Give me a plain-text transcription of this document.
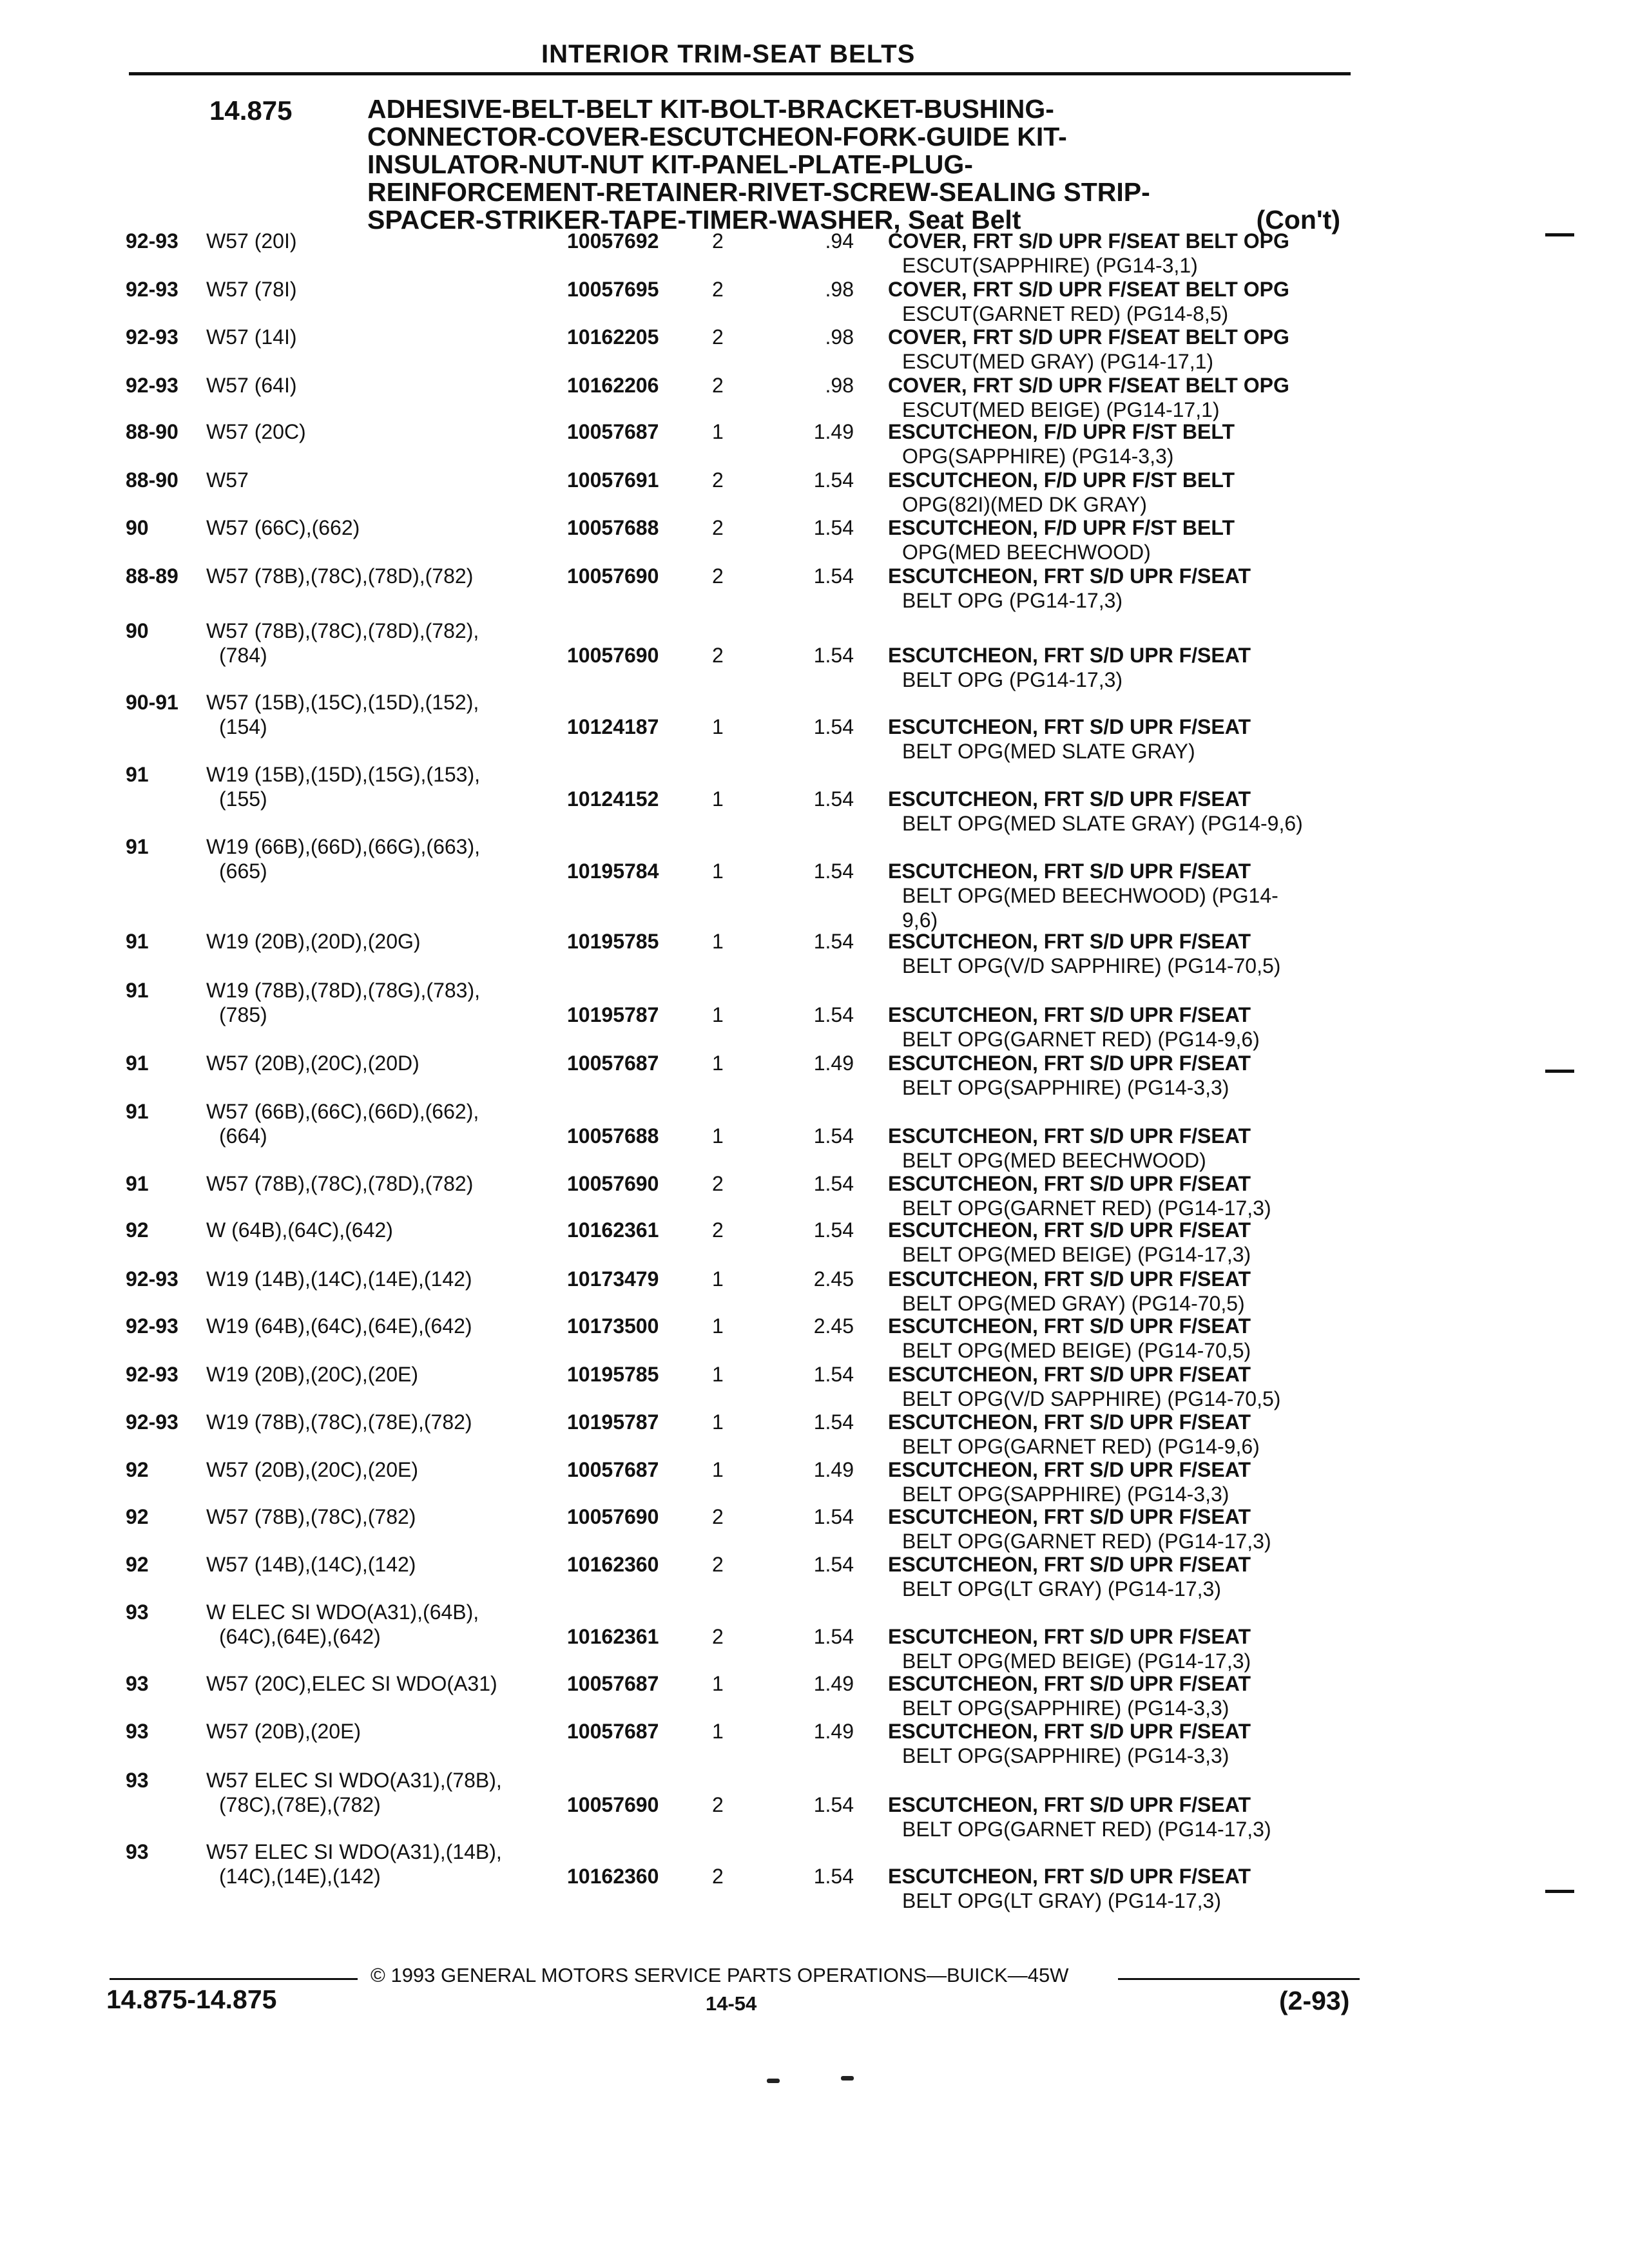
INTERIOR TRIM-SEAT BELTS
14.875	ADHESIVE-BELT-BELT KIT-BOLT-BRACKET-BUSHING-
CONNECTOR-COVER-ESCUTCHEON-FORK-GUIDE KIT-
INSULATOR-NUT-NUT KIT-PANEL-PLATE-PLUG-
REINFORCEMENT-RETAINER-RIVET-SCREW-SEALING STRIP-
SPACER-STRIKER-TAPE-TIMER-WASHER, Seat Belt	(Con't)
92-93 W57 (20I)	10057692	2	.94 COVER, FRT S/D UPR F/SEAT BELT OPG
ESCUT(SAPPHIRE) (PG14-3,1)
92-93 W57 (78I)	10057695	2	.98 COVER, FRT S/D UPR F/SEAT BELT OPG
ESCUT(GARNET RED) (PG14-8,5)
92-93 W57 (14I)	10162205	2	.98 COVER, FRT S/D UPR F/SEAT BELT OPG
ESCUT(MED GRAY) (PG14-17,1)
92-93 W57 (64I)	10162206	2	.98 COVER, FRT S/D UPR F/SEAT BELT OPG
ESCUT(MED BEIGE) (PG14-17,1)
88-90 W57 (20C)	10057687	1	1.49 ESCUTCHEON, F/D UPR F/ST BELT
OPG(SAPPHIRE) (PG14-3,3)
88-90 W57	10057691	2	1.54 ESCUTCHEON, F/D UPR F/ST BELT
OPG(82I)(MED DK GRAY)
90	W57 (66C),(662)	10057688	2	1.54 ESCUTCHEON, F/D UPR F/ST BELT
OPG(MED BEECHWOOD)
88-89 W57 (78B),(78C),(78D),(782)	10057690	2	1.54 ESCUTCHEON, FRT S/D UPR F/SEAT
BELT OPG (PG14-17,3)
90	W57 (78B),(78C),(78D),(782),
(784)	10057690	2	1.54 ESCUTCHEON, FRT S/D UPR F/SEAT
BELT OPG (PG14-17,3)
90-91 W57 (15B),(15C),(15D),(152),
(154)	10124187	1	1.54 ESCUTCHEON, FRT S/D UPR F/SEAT
BELT OPG(MED SLATE GRAY)
91	W19 (15B),(15D),(15G),(153),
(155)	10124152	1	1.54 ESCUTCHEON, FRT S/D UPR F/SEAT
BELT OPG(MED SLATE GRAY) (PG14-9,6)
91	W19 (66B),(66D),(66G),(663),
(665)	10195784	1	1.54 ESCUTCHEON, FRT S/D UPR F/SEAT
BELT OPG(MED BEECHWOOD) (PG14-
9,6)
91	W19 (20B),(20D),(20G)	10195785	1	1.54 ESCUTCHEON, FRT S/D UPR F/SEAT
BELT OPG(V/D SAPPHIRE) (PG14-70,5)
91	W19 (78B),(78D),(78G),(783),
(785)	10195787	1	1.54 ESCUTCHEON, FRT S/D UPR F/SEAT
BELT OPG(GARNET RED) (PG14-9,6)
91	W57 (20B),(20C),(20D)	10057687	1	1.49 ESCUTCHEON, FRT S/D UPR F/SEAT
BELT OPG(SAPPHIRE) (PG14-3,3)
91	W57 (66B),(66C),(66D),(662),
(664)	10057688	1	1.54 ESCUTCHEON, FRT S/D UPR F/SEAT
BELT OPG(MED BEECHWOOD)
91	W57 (78B),(78C),(78D),(782)	10057690	2	1.54 ESCUTCHEON, FRT S/D UPR F/SEAT
BELT OPG(GARNET RED) (PG14-17,3)
92	W (64B),(64C),(642)	10162361	2	1.54 ESCUTCHEON, FRT S/D UPR F/SEAT
BELT OPG(MED BEIGE) (PG14-17,3)
92-93 W19 (14B),(14C),(14E),(142)	10173479	1	2.45 ESCUTCHEON, FRT S/D UPR F/SEAT
BELT OPG(MED GRAY) (PG14-70,5)
92-93 W19 (64B),(64C),(64E),(642)	10173500	1	2.45 ESCUTCHEON, FRT S/D UPR F/SEAT
BELT OPG(MED BEIGE) (PG14-70,5)
92-93 W19 (20B),(20C),(20E)	10195785	1	1.54 ESCUTCHEON, FRT S/D UPR F/SEAT
BELT OPG(V/D SAPPHIRE) (PG14-70,5)
92-93 W19 (78B),(78C),(78E),(782)	10195787	1	1.54 ESCUTCHEON, FRT S/D UPR F/SEAT
BELT OPG(GARNET RED) (PG14-9,6)
92	W57 (20B),(20C),(20E)	10057687	1	1.49 ESCUTCHEON, FRT S/D UPR F/SEAT
BELT OPG(SAPPHIRE) (PG14-3,3)
92	W57 (78B),(78C),(782)	10057690	2	1.54 ESCUTCHEON, FRT S/D UPR F/SEAT
BELT OPG(GARNET RED) (PG14-17,3)
92	W57 (14B),(14C),(142)	10162360	2	1.54 ESCUTCHEON, FRT S/D UPR F/SEAT
BELT OPG(LT GRAY) (PG14-17,3)
93	W ELEC SI WDO(A31),(64B),
(64C),(64E),(642)	10162361	2	1.54 ESCUTCHEON, FRT S/D UPR F/SEAT
BELT OPG(MED BEIGE) (PG14-17,3)
93	W57 (20C),ELEC SI WDO(A31)	10057687	1	1.49 ESCUTCHEON, FRT S/D UPR F/SEAT
BELT OPG(SAPPHIRE) (PG14-3,3)
93	W57 (20B),(20E)	10057687	1	1.49 ESCUTCHEON, FRT S/D UPR F/SEAT
BELT OPG(SAPPHIRE) (PG14-3,3)
93	W57 ELEC SI WDO(A31),(78B),
(78C),(78E),(782)	10057690	2	1.54 ESCUTCHEON, FRT S/D UPR F/SEAT
BELT OPG(GARNET RED) (PG14-17,3)
93	W57 ELEC SI WDO(A31),(14B),
(14C),(14E),(142)	10162360	2	1.54 ESCUTCHEON, FRT S/D UPR F/SEAT
BELT OPG(LT GRAY) (PG14-17,3)
© 1993 GENERAL MOTORS SERVICE PARTS OPERATIONS—BUICK—45W
14.875-14.875	14-54	(2-93)
